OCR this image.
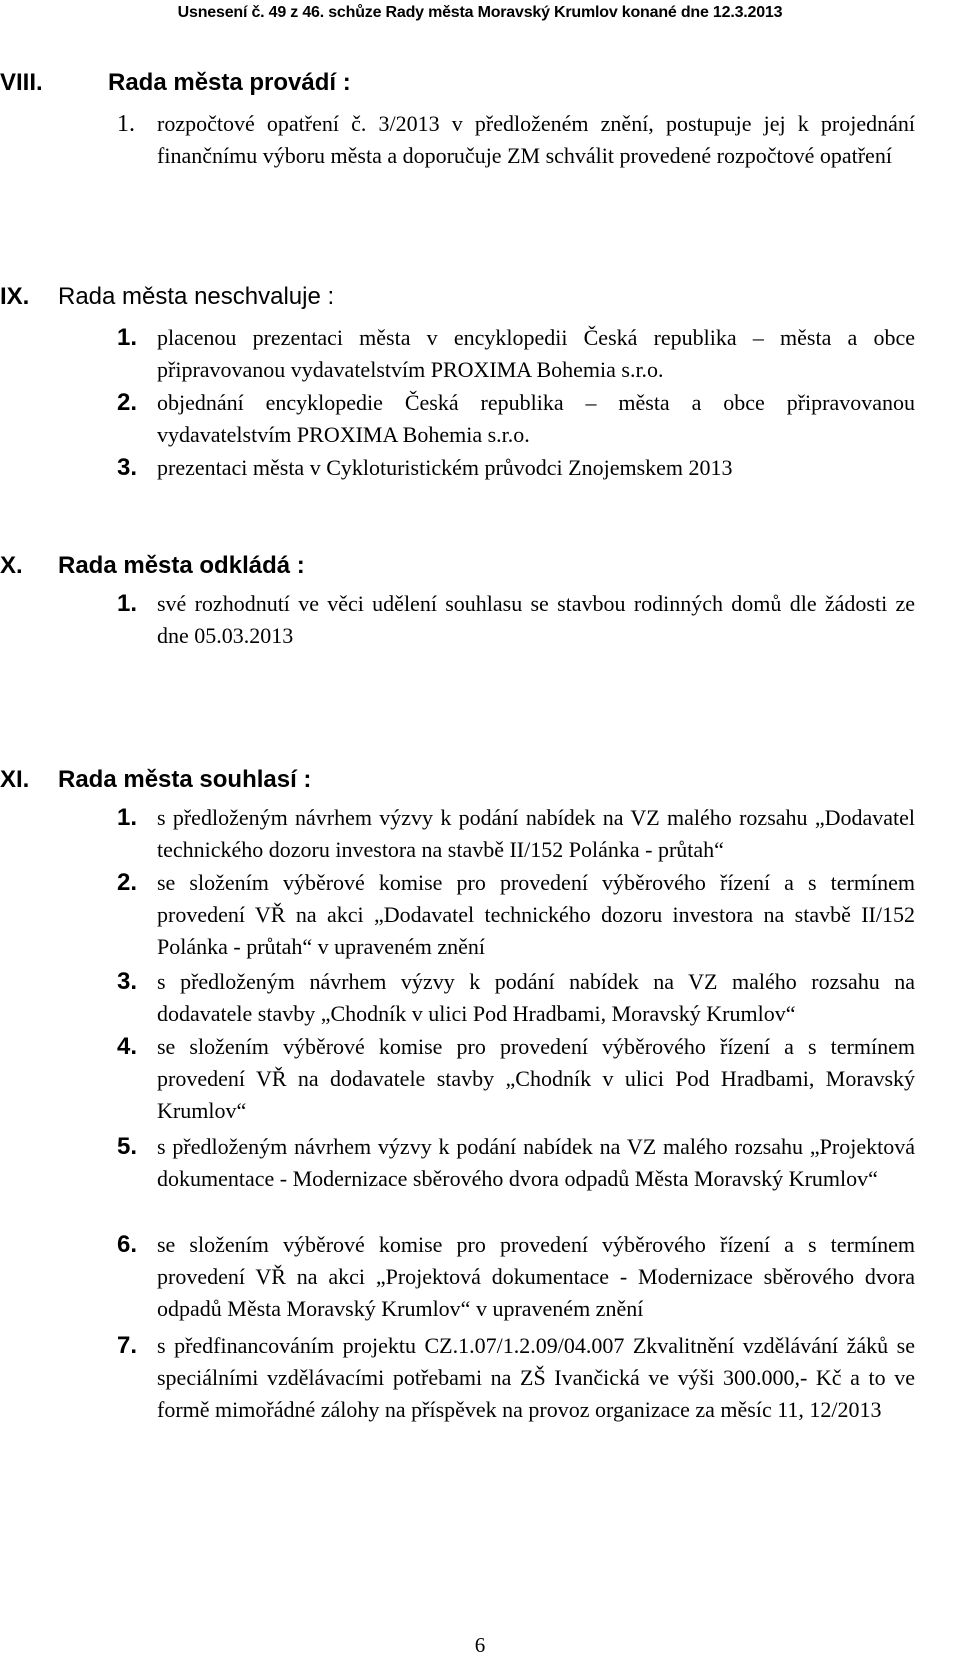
Usnesení č. 49 z 46. schůze Rady města Moravský Krumlov konané dne 12.3.2013
VIII.	Rada města provádí :
1. rozpočtové opatření č. 3/2013 v předloženém znění, postupuje jej k projednání finančnímu výboru města a doporučuje ZM schválit provedené rozpočtové opatření
IX. Rada města neschvaluje :
1. placenou prezentaci města v encyklopedii Česká republika – města a obce připravovanou vydavatelstvím PROXIMA Bohemia s.r.o.
2. objednání encyklopedie Česká republika – města a obce připravovanou vydavatelstvím PROXIMA Bohemia s.r.o.
3. prezentaci města v Cykloturistickém průvodci Znojemskem 2013
X. Rada města odkládá :
1. své rozhodnutí ve věci udělení souhlasu se stavbou rodinných domů dle žádosti ze dne 05.03.2013
XI. Rada města souhlasí :
1. s předloženým návrhem výzvy k podání nabídek na VZ malého rozsahu „Dodavatel technického dozoru investora na stavbě II/152 Polánka - průtah“
2. se složením výběrové komise pro provedení výběrového řízení a s termínem provedení VŘ na akci „Dodavatel technického dozoru investora na stavbě II/152 Polánka - průtah“ v upraveném znění
3. s předloženým návrhem výzvy k podání nabídek na VZ malého rozsahu na dodavatele stavby „Chodník v ulici Pod Hradbami, Moravský Krumlov“
4. se složením výběrové komise pro provedení výběrového řízení a s termínem provedení VŘ na dodavatele stavby „Chodník v ulici Pod Hradbami, Moravský Krumlov“
5. s předloženým návrhem výzvy k podání nabídek na VZ malého rozsahu „Projektová dokumentace - Modernizace sběrového dvora odpadů Města Moravský Krumlov“
6. se složením výběrové komise pro provedení výběrového řízení a s termínem provedení VŘ na akci „Projektová dokumentace - Modernizace sběrového dvora odpadů Města Moravský Krumlov“ v upraveném znění
7. s předfinancováním projektu CZ.1.07/1.2.09/04.007 Zkvalitnění vzdělávání žáků se speciálními vzdělávacími potřebami na ZŠ Ivančická ve výši 300.000,- Kč a to ve formě mimořádné zálohy na příspěvek na provoz organizace za měsíc 11, 12/2013
6
